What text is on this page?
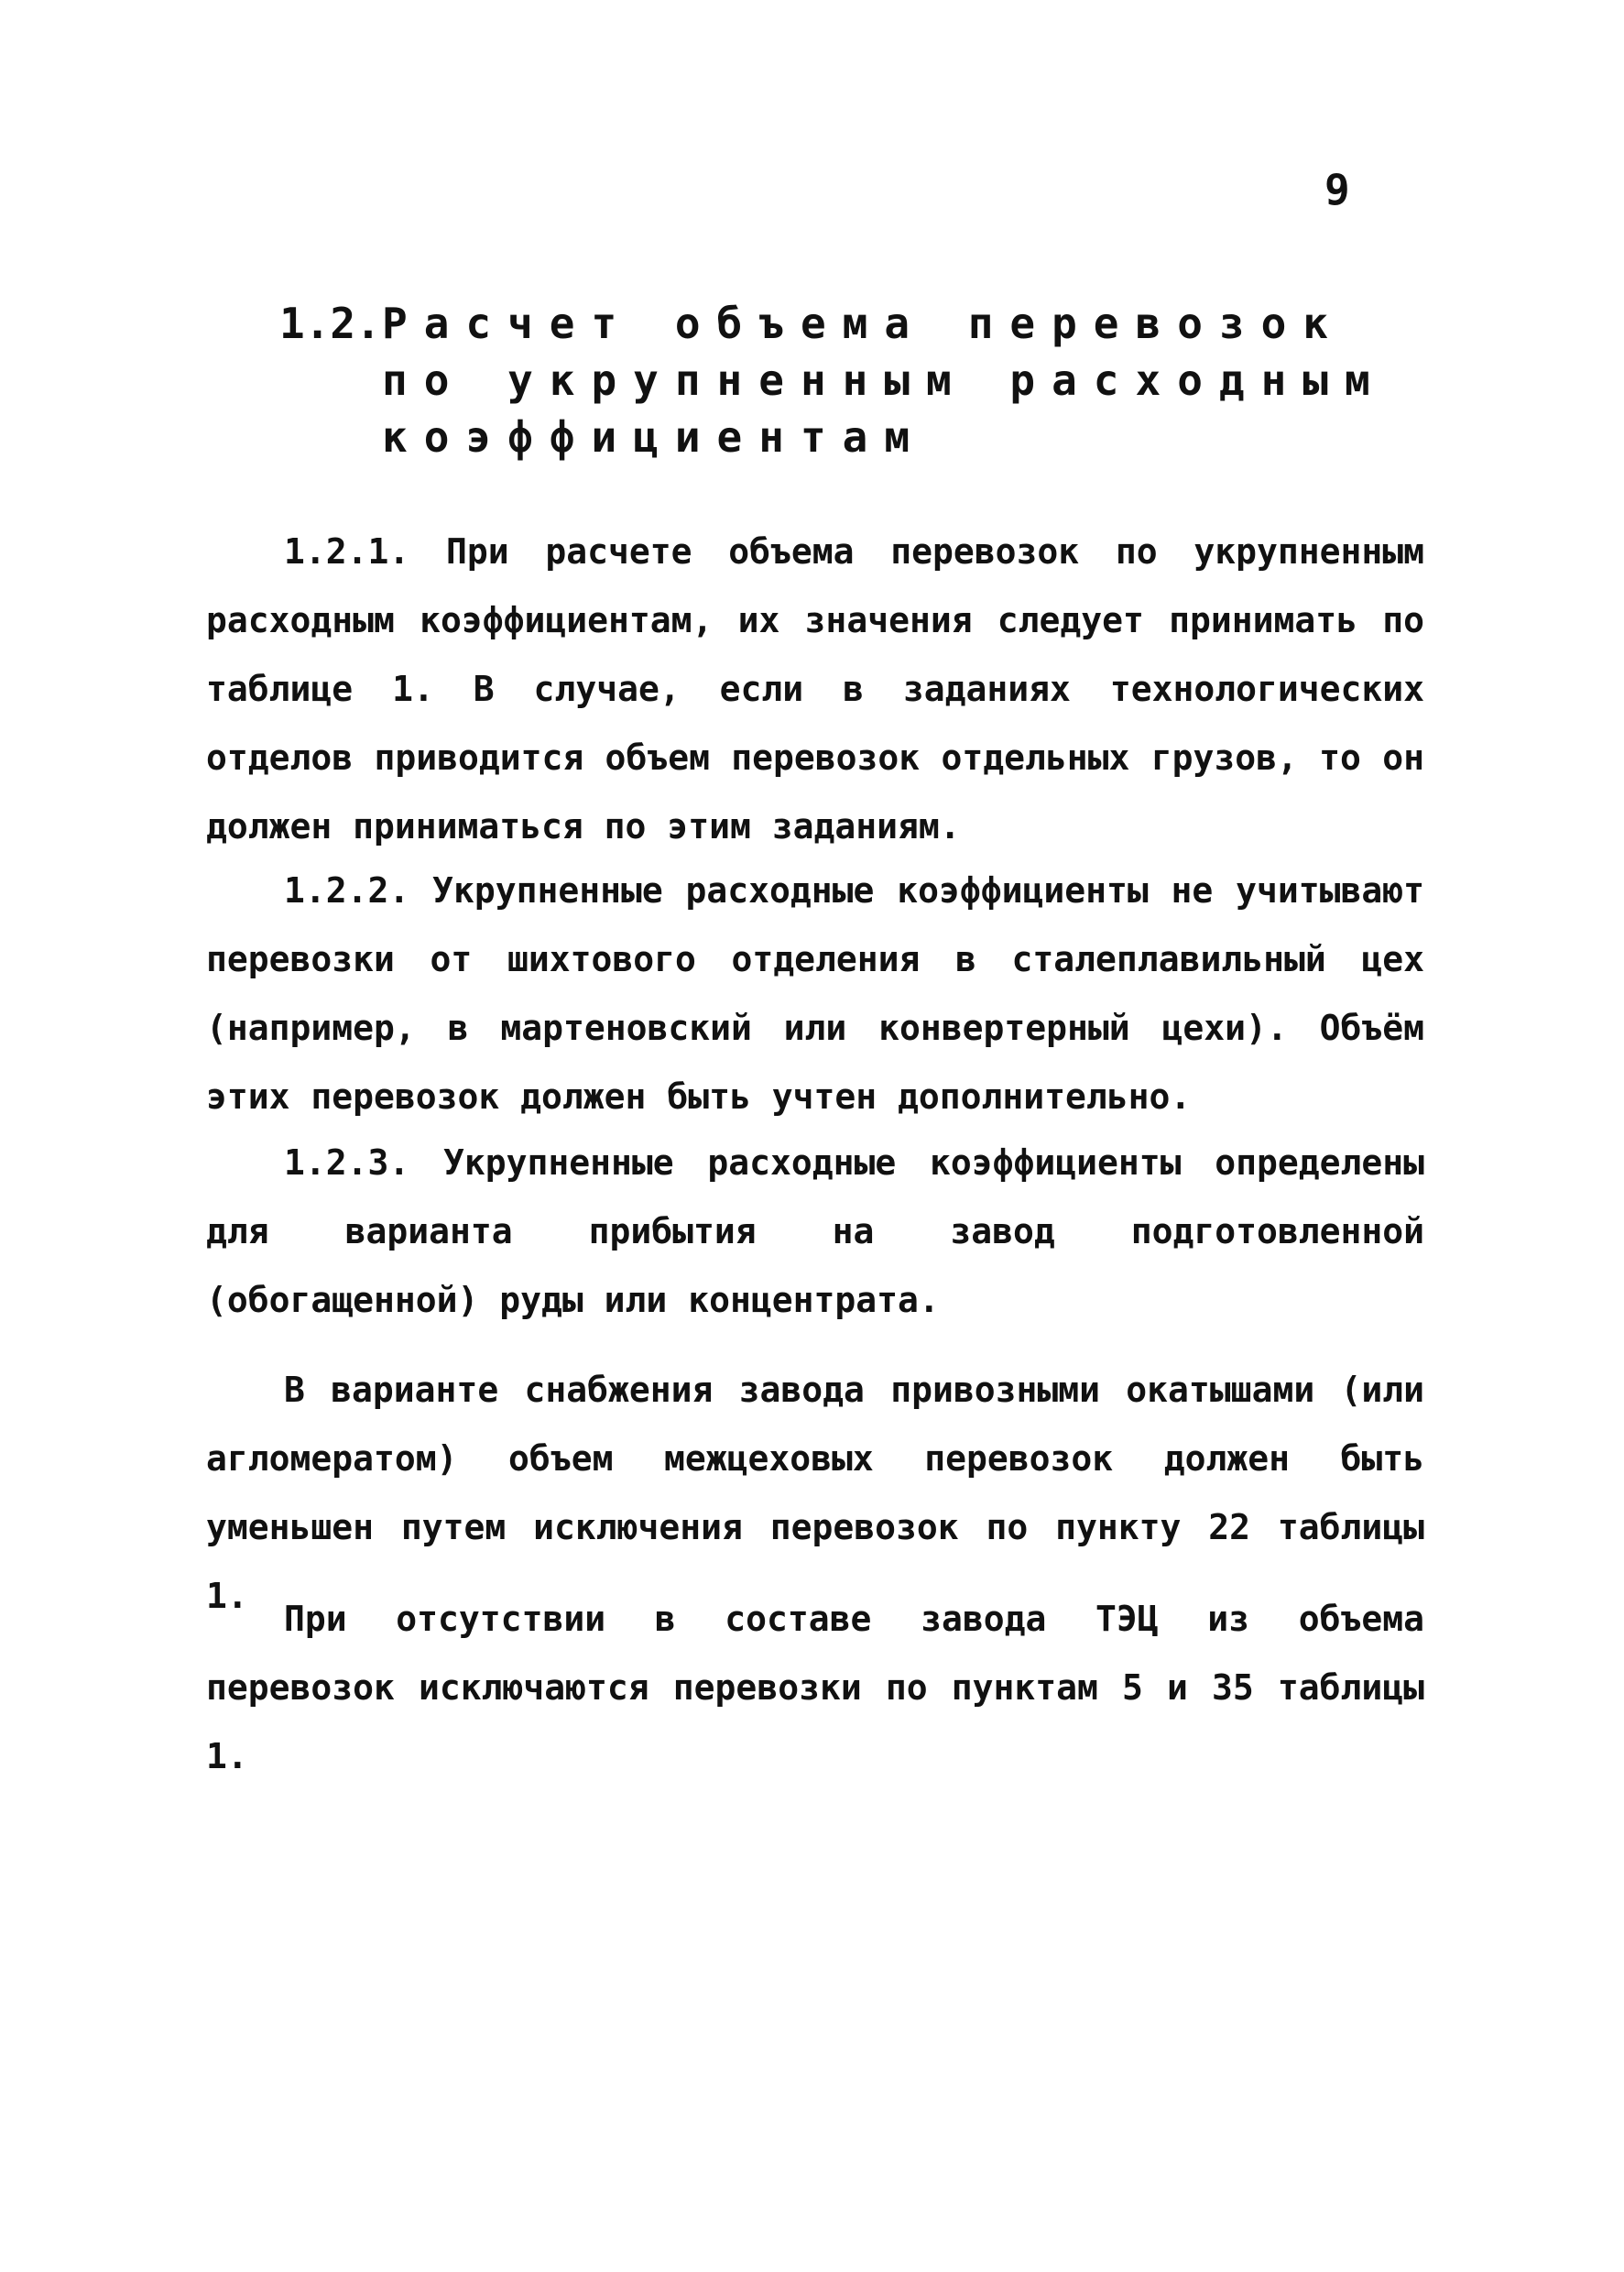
9
1.2. Расчет объема перевозок
по укрупненным расходным
коэффициентам

1.2.1. При расчете объема перевозок по укрупненным расходным коэффициентам, их значения следует принимать по таблице 1. В случае, если в заданиях технологических отделов приводится объем перевозок отдельных грузов, то он должен приниматься по этим заданиям.

1.2.2. Укрупненные расходные коэффициенты не учитывают перевозки от шихтового отделения в сталеплавильный цех (например, в мартеновский или конвертерный цехи). Объём этих перевозок должен быть учтен дополнительно.

1.2.3. Укрупненные расходные коэффициенты определены для варианта прибытия на завод подготовленной (обогащенной) руды или концентрата.

В варианте снабжения завода привозными окатышами (или агломератом) объем межцеховых перевозок должен быть уменьшен путем исключения перевозок по пункту 22 таблицы 1.

При отсутствии в составе завода ТЭЦ из объема перевозок исключаются перевозки по пунктам 5 и 35 таблицы 1.
